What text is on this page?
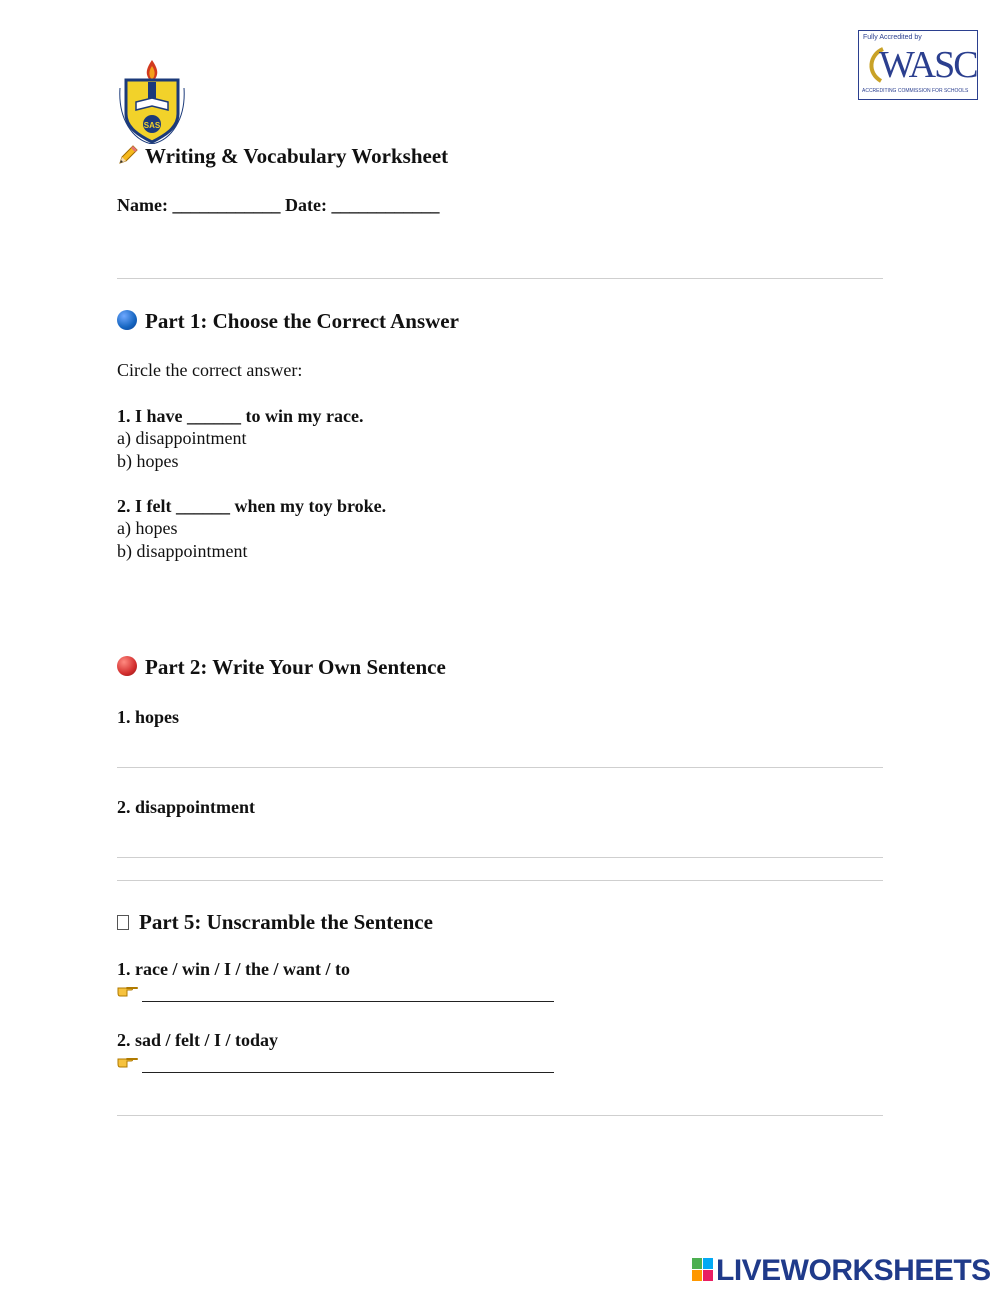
SAS
Fully Accredited by
WASC
ACCREDITING COMMISSION FOR SCHOOLS
Writing & Vocabulary Worksheet
Name: ____________ Date: ____________
Part 1: Choose the Correct Answer
Circle the correct answer:
1. I have ______ to win my race.
a) disappointment
b) hopes
2. I felt ______ when my toy broke.
a) hopes
b) disappointment
Part 2: Write Your Own Sentence
1. hopes
2. disappointment
Part 5: Unscramble the Sentence
1. race / win / I / the / want / to
2. sad / felt / I / today
LIVEWORKSHEETS
